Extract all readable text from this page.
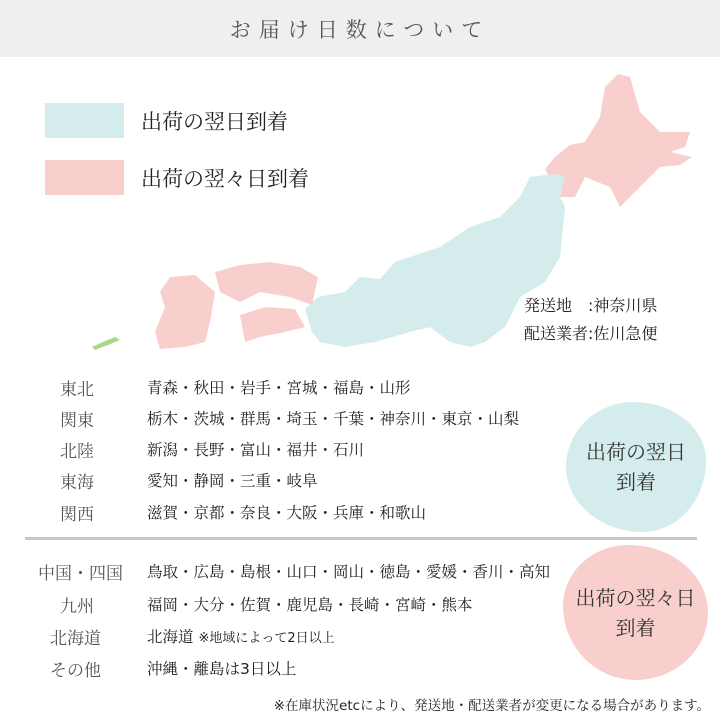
お届け日数について
出荷の翌日到着
出荷の翌々日到着
発送地　:神奈川県
配送業者:佐川急便
東北	青森・秋田・岩手・宮城・福島・山形
関東	栃木・茨城・群馬・埼玉・千葉・神奈川・東京・山梨
北陸	新潟・長野・富山・福井・石川
東海	愛知・静岡・三重・岐阜
関西	滋賀・京都・奈良・大阪・兵庫・和歌山
出荷の翌日
到着
中国・四国	鳥取・広島・島根・山口・岡山・徳島・愛媛・香川・高知
九州	福岡・大分・佐賀・鹿児島・長崎・宮崎・熊本
北海道	北海道 ※地域によって2日以上
その他	沖縄・離島は3日以上
出荷の翌々日
到着
※在庫状況etcにより、発送地・配送業者が変更になる場合があります。
